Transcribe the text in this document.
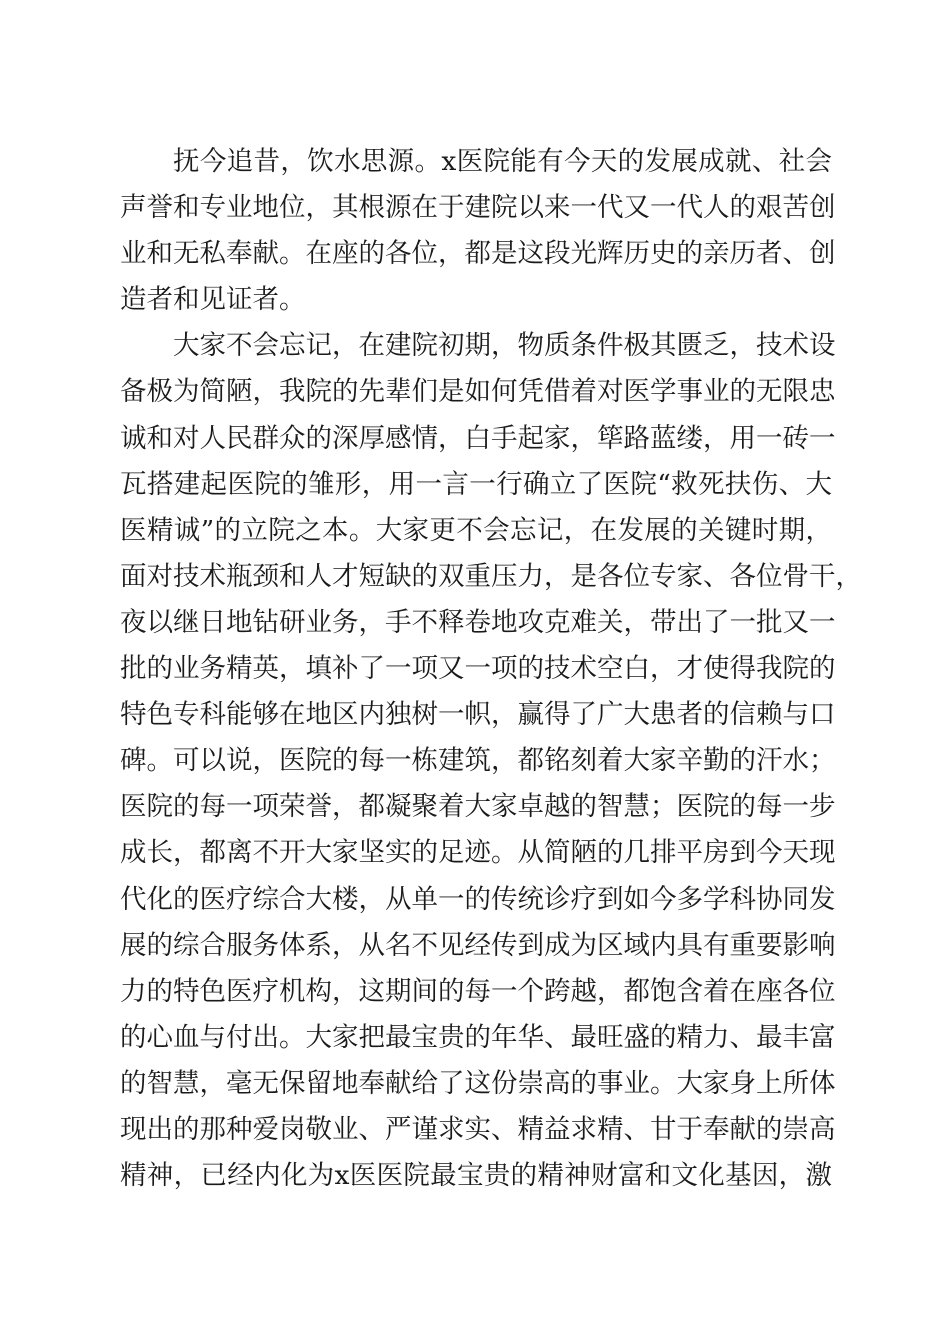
抚今追昔，饮水思源。x医院能有今天的发展成就、社会
声誉和专业地位，其根源在于建院以来一代又一代人的艰苦创
业和无私奉献。在座的各位，都是这段光辉历史的亲历者、创
造者和见证者。
大家不会忘记，在建院初期，物质条件极其匮乏，技术设
备极为简陋，我院的先辈们是如何凭借着对医学事业的无限忠
诚和对人民群众的深厚感情，白手起家，筚路蓝缕，用一砖一
瓦搭建起医院的雏形，用一言一行确立了医院“救死扶伤、大
医精诚”的立院之本。大家更不会忘记，在发展的关键时期，
面对技术瓶颈和人才短缺的双重压力，是各位专家、各位骨干，
夜以继日地钻研业务，手不释卷地攻克难关，带出了一批又一
批的业务精英，填补了一项又一项的技术空白，才使得我院的
特色专科能够在地区内独树一帜，赢得了广大患者的信赖与口
碑。可以说，医院的每一栋建筑，都铭刻着大家辛勤的汗水；
医院的每一项荣誉，都凝聚着大家卓越的智慧；医院的每一步
成长，都离不开大家坚实的足迹。从简陋的几排平房到今天现
代化的医疗综合大楼，从单一的传统诊疗到如今多学科协同发
展的综合服务体系，从名不见经传到成为区域内具有重要影响
力的特色医疗机构，这期间的每一个跨越，都饱含着在座各位
的心血与付出。大家把最宝贵的年华、最旺盛的精力、最丰富
的智慧，毫无保留地奉献给了这份崇高的事业。大家身上所体
现出的那种爱岗敬业、严谨求实、精益求精、甘于奉献的崇高
精神，已经内化为x医医院最宝贵的精神财富和文化基因，激
